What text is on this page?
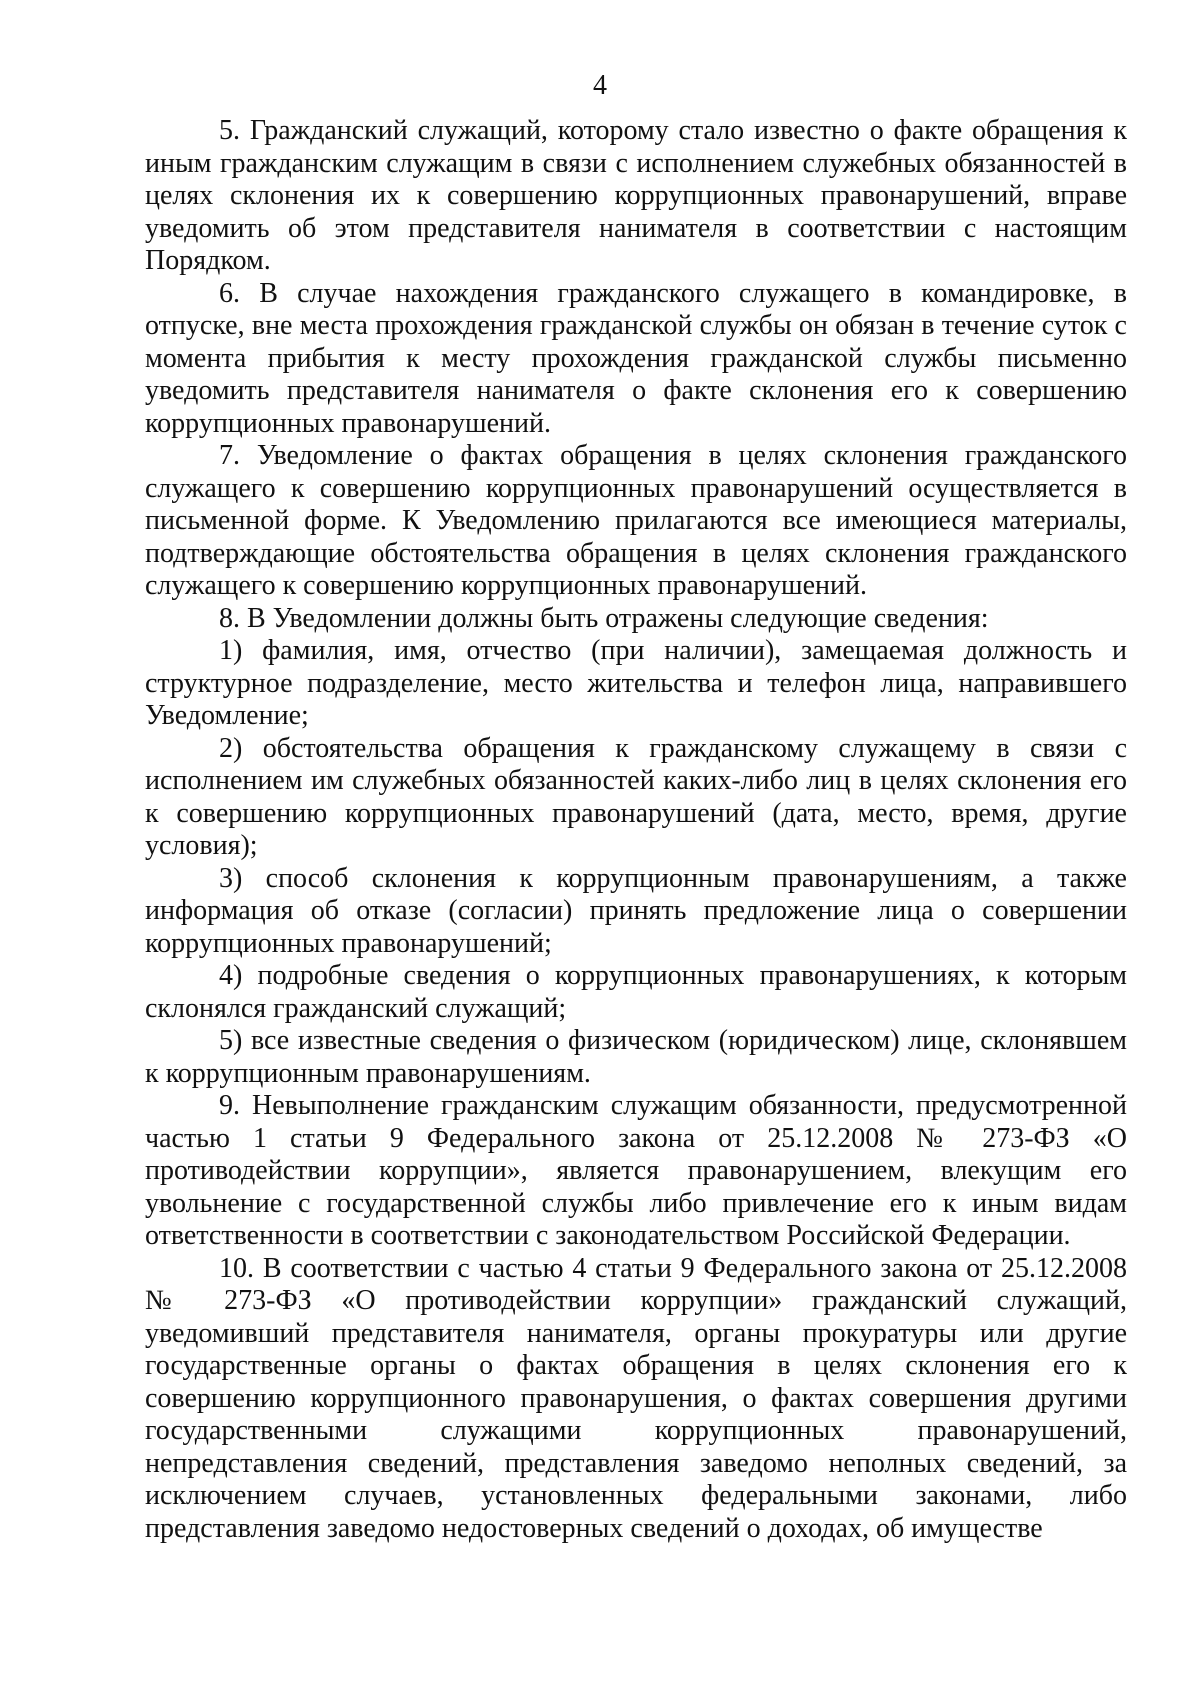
4

5. Гражданский служащий, которому стало известно о факте обращения к иным гражданским служащим в связи с исполнением служебных обязанностей в целях склонения их к совершению коррупционных правонарушений, вправе уведомить об этом представителя нанимателя в соответствии с настоящим Порядком.

6. В случае нахождения гражданского служащего в командировке, в отпуске, вне места прохождения гражданской службы он обязан в течение суток с момента прибытия к месту прохождения гражданской службы письменно уведомить представителя нанимателя о факте склонения его к совершению коррупционных правонарушений.

7. Уведомление о фактах обращения в целях склонения гражданского служащего к совершению коррупционных правонарушений осуществляется в письменной форме. К Уведомлению прилагаются все имеющиеся материалы, подтверждающие обстоятельства обращения в целях склонения гражданского служащего к совершению коррупционных правонарушений.

8. В Уведомлении должны быть отражены следующие сведения:

1) фамилия, имя, отчество (при наличии), замещаемая должность и структурное подразделение, место жительства и телефон лица, направившего Уведомление;

2) обстоятельства обращения к гражданскому служащему в связи с исполнением им служебных обязанностей каких-либо лиц в целях склонения его к совершению коррупционных правонарушений (дата, место, время, другие условия);

3) способ склонения к коррупционным правонарушениям, а также информация об отказе (согласии) принять предложение лица о совершении коррупционных правонарушений;

4) подробные сведения о коррупционных правонарушениях, к которым склонялся гражданский служащий;

5) все известные сведения о физическом (юридическом) лице, склонявшем к коррупционным правонарушениям.

9. Невыполнение гражданским служащим обязанности, предусмотренной частью 1 статьи 9 Федерального закона от 25.12.2008 № 273-ФЗ «О противодействии коррупции», является правонарушением, влекущим его увольнение с государственной службы либо привлечение его к иным видам ответственности в соответствии с законодательством Российской Федерации.

10. В соответствии с частью 4 статьи 9 Федерального закона от 25.12.2008 № 273-ФЗ «О противодействии коррупции» гражданский служащий, уведомивший представителя нанимателя, органы прокуратуры или другие государственные органы о фактах обращения в целях склонения его к совершению коррупционного правонарушения, о фактах совершения другими государственными служащими коррупционных правонарушений, непредставления сведений, представления заведомо неполных сведений, за исключением случаев, установленных федеральными законами, либо представления заведомо недостоверных сведений о доходах, об имуществе
